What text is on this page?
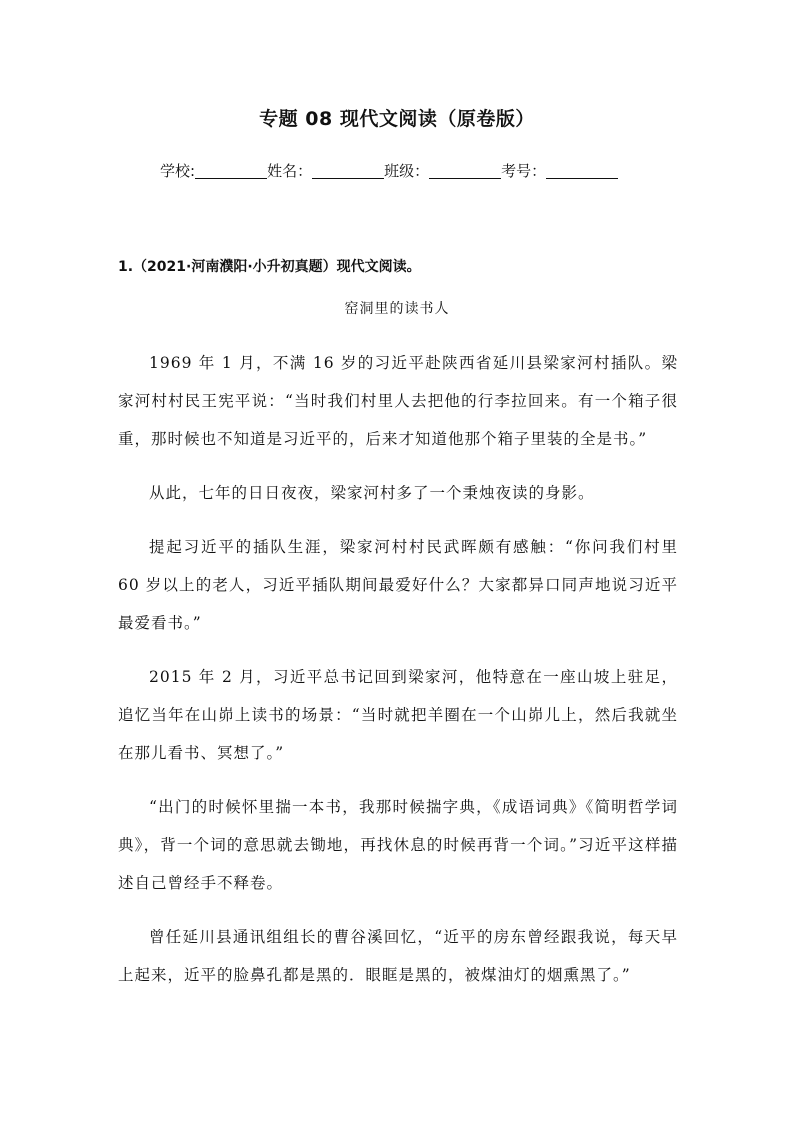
专题 08 现代文阅读（原卷版）
学校:	姓名：	班级：	考号：
1.（2021·河南濮阳·小升初真题）现代文阅读。
窑洞里的读书人

1969 年 1 月，不满 16 岁的习近平赴陕西省延川县梁家河村插队。梁家河村村民王宪平说：“当时我们村里人去把他的行李拉回来。有一个箱子很重，那时候也不知道是习近平的，后来才知道他那个箱子里装的全是书。”

从此，七年的日日夜夜，梁家河村多了一个秉烛夜读的身影。

提起习近平的插队生涯，梁家河村村民武晖颇有感触：“你问我们村里 60 岁以上的老人，习近平插队期间最爱好什么？大家都异口同声地说习近平最爱看书。”

2015 年 2 月，习近平总书记回到梁家河，他特意在一座山坡上驻足，追忆当年在山峁上读书的场景：“当时就把羊圈在一个山峁儿上，然后我就坐在那儿看书、冥想了。”

“出门的时候怀里揣一本书，我那时候揣字典，《成语词典》《简明哲学词典》，背一个词的意思就去锄地，再找休息的时候再背一个词。”习近平这样描述自己曾经手不释卷。

曾任延川县通讯组组长的曹谷溪回忆，“近平的房东曾经跟我说，每天早上起来，近平的脸鼻孔都是黑的．眼眶是黑的，被煤油灯的烟熏黑了。”
